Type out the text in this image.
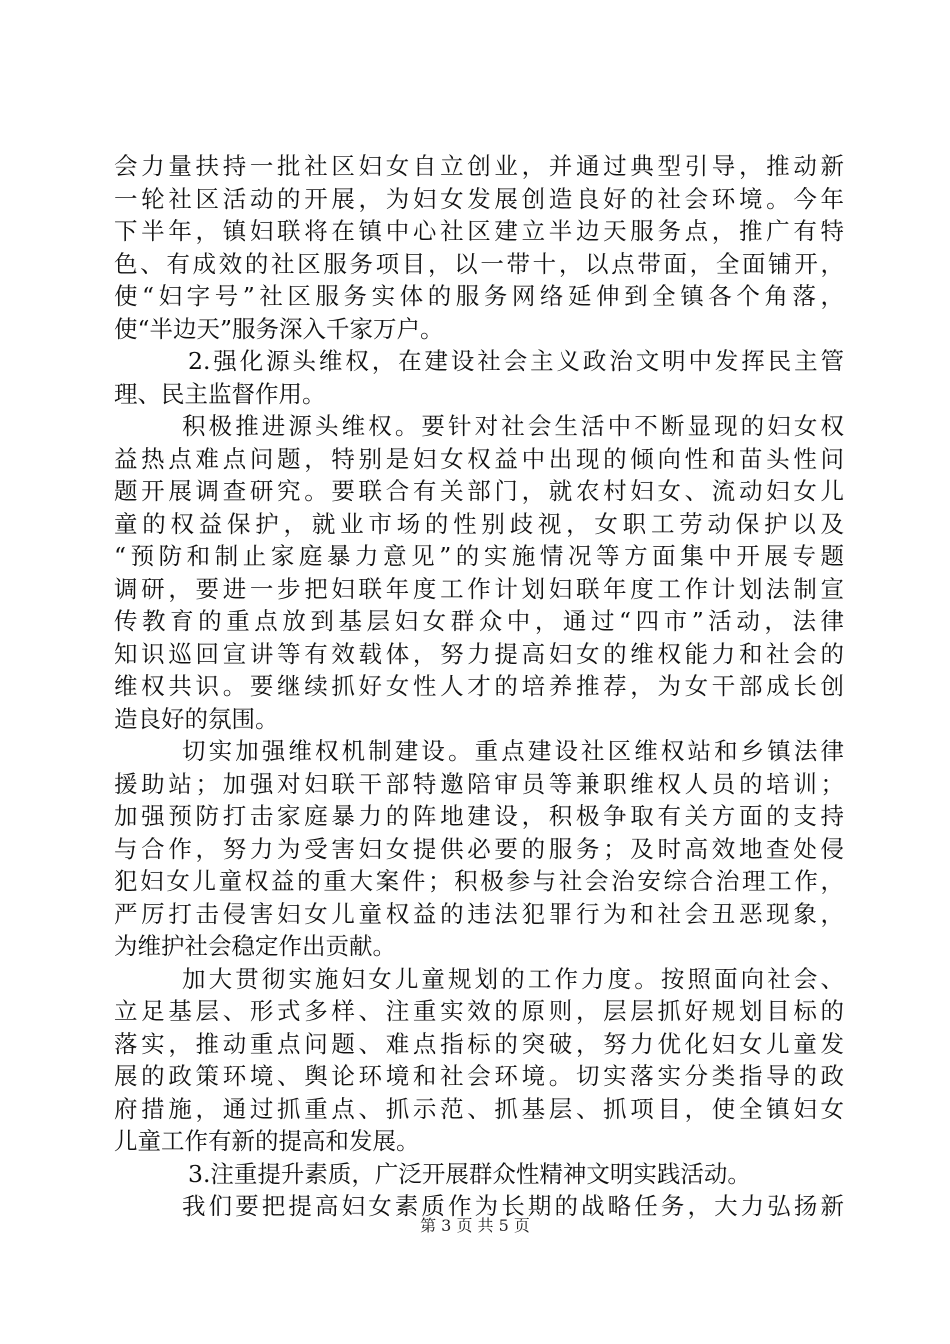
会力量扶持一批社区妇女自立创业，并通过典型引导，推动新
一轮社区活动的开展，为妇女发展创造良好的社会环境。今年
下半年，镇妇联将在镇中心社区建立半边天服务点，推广有特
色、有成效的社区服务项目，以一带十，以点带面，全面铺开，
使“妇字号”社区服务实体的服务网络延伸到全镇各个角落，
使“半边天”服务深入千家万户。
2.强化源头维权，在建设社会主义政治文明中发挥民主管
理、民主监督作用。
积极推进源头维权。要针对社会生活中不断显现的妇女权
益热点难点问题，特别是妇女权益中出现的倾向性和苗头性问
题开展调查研究。要联合有关部门，就农村妇女、流动妇女儿
童的权益保护，就业市场的性别歧视，女职工劳动保护以及
“预防和制止家庭暴力意见”的实施情况等方面集中开展专题
调研，要进一步把妇联年度工作计划妇联年度工作计划法制宣
传教育的重点放到基层妇女群众中，通过“四市”活动，法律
知识巡回宣讲等有效载体，努力提高妇女的维权能力和社会的
维权共识。要继续抓好女性人才的培养推荐，为女干部成长创
造良好的氛围。
切实加强维权机制建设。重点建设社区维权站和乡镇法律
援助站；加强对妇联干部特邀陪审员等兼职维权人员的培训；
加强预防打击家庭暴力的阵地建设，积极争取有关方面的支持
与合作，努力为受害妇女提供必要的服务；及时高效地查处侵
犯妇女儿童权益的重大案件；积极参与社会治安综合治理工作，
严厉打击侵害妇女儿童权益的违法犯罪行为和社会丑恶现象，
为维护社会稳定作出贡献。
加大贯彻实施妇女儿童规划的工作力度。按照面向社会、
立足基层、形式多样、注重实效的原则，层层抓好规划目标的
落实，推动重点问题、难点指标的突破，努力优化妇女儿童发
展的政策环境、舆论环境和社会环境。切实落实分类指导的政
府措施，通过抓重点、抓示范、抓基层、抓项目，使全镇妇女
儿童工作有新的提高和发展。
3.注重提升素质，广泛开展群众性精神文明实践活动。
我们要把提高妇女素质作为长期的战略任务，大力弘扬新
第 3 页 共 5 页
